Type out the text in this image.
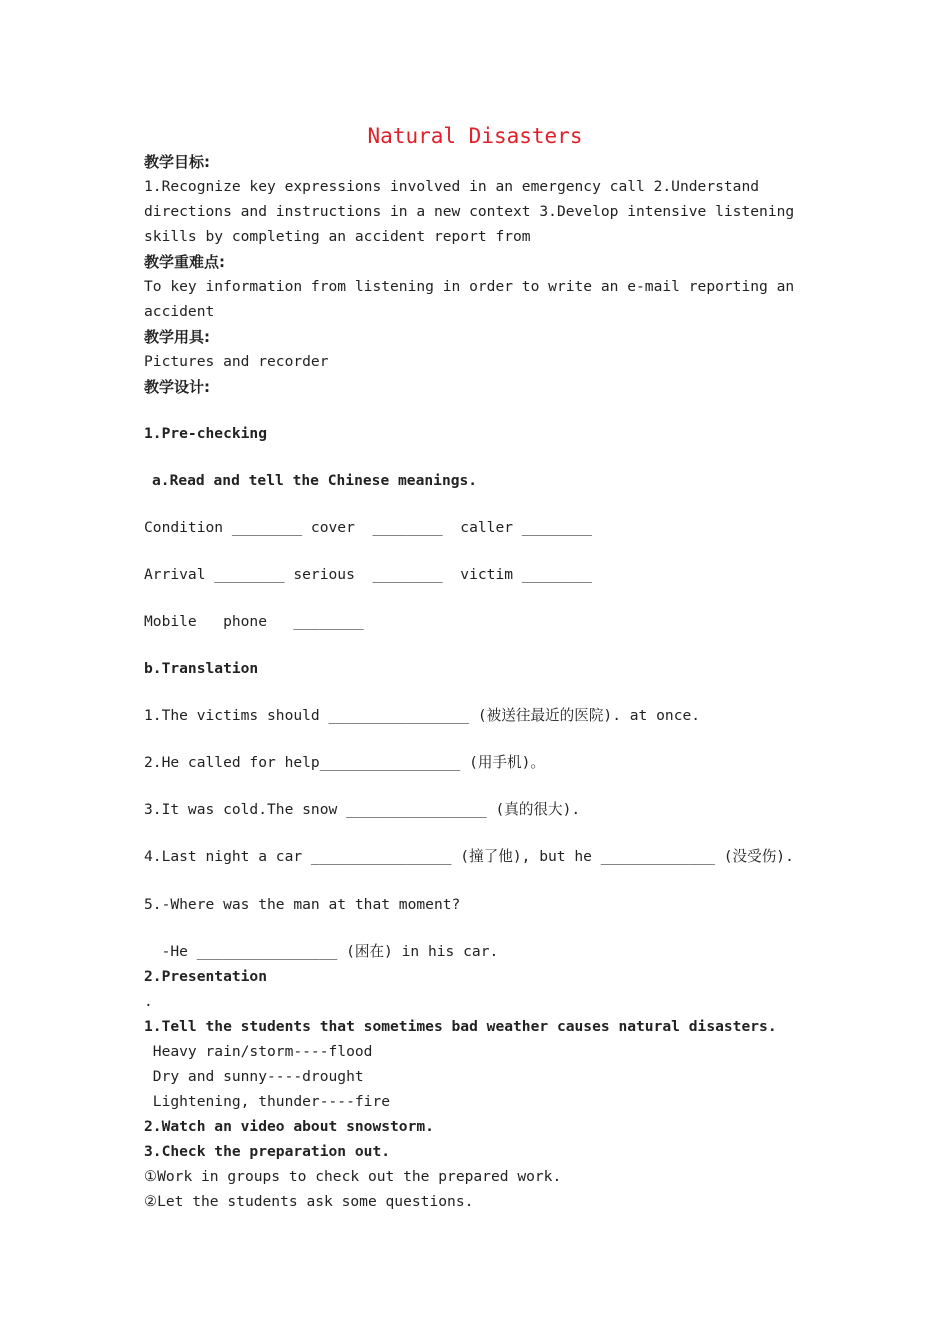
Natural Disasters
教学目标:
1.Recognize key expressions involved in an emergency call 2.Understand
directions and instructions in a new context 3.Develop intensive listening
skills by completing an accident report from
教学重难点:
To key information from listening in order to write an e-mail reporting an
accident
教学用具:
Pictures and recorder
教学设计:
1.Pre-checking
a.Read and tell the Chinese meanings.
Condition ________ cover  ________  caller ________
Arrival ________ serious  ________  victim ________
Mobile   phone   ________
b.Translation
1.The victims should ________________ (被送往最近的医院). at once.
2.He called for help________________ (用手机)。
3.It was cold.The snow ________________ (真的很大).
4.Last night a car ________________ (撞了他), but he _____________ (没受伤).
5.-Where was the man at that moment?
-He ________________ (困在) in his car.
2.Presentation
.
1.Tell the students that sometimes bad weather causes natural disasters.
Heavy rain/storm----flood
Dry and sunny----drought
Lightening, thunder----fire
2.Watch an video about snowstorm.
3.Check the preparation out.
①Work in groups to check out the prepared work.
②Let the students ask some questions.
